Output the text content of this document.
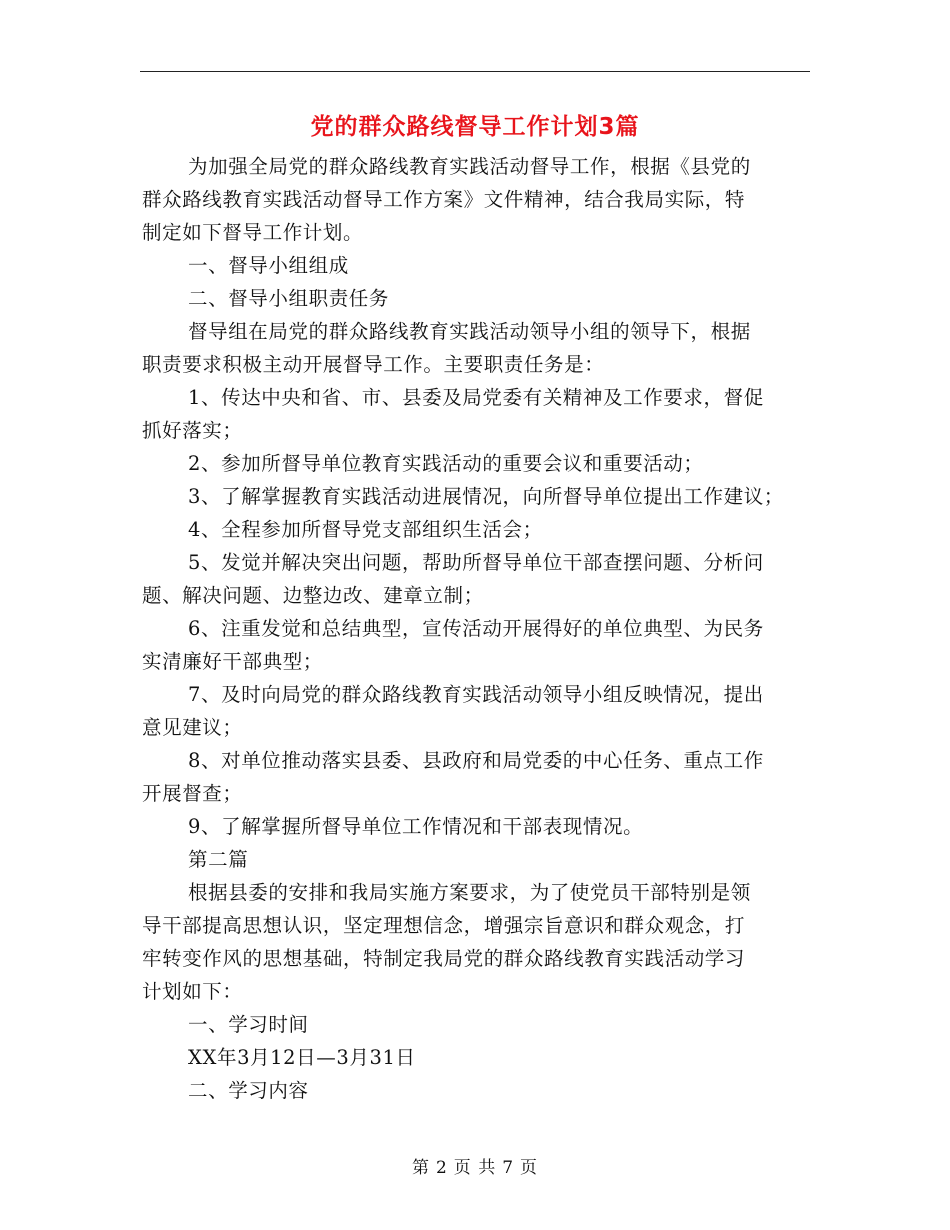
党的群众路线督导工作计划3篇
为加强全局党的群众路线教育实践活动督导工作，根据《县党的
群众路线教育实践活动督导工作方案》文件精神，结合我局实际，特
制定如下督导工作计划。
一、督导小组组成
二、督导小组职责任务
督导组在局党的群众路线教育实践活动领导小组的领导下，根据
职责要求积极主动开展督导工作。主要职责任务是：
1、传达中央和省、市、县委及局党委有关精神及工作要求，督促
抓好落实；
2、参加所督导单位教育实践活动的重要会议和重要活动；
3、了解掌握教育实践活动进展情况，向所督导单位提出工作建议；
4、全程参加所督导党支部组织生活会；
5、发觉并解决突出问题，帮助所督导单位干部查摆问题、分析问
题、解决问题、边整边改、建章立制；
6、注重发觉和总结典型，宣传活动开展得好的单位典型、为民务
实清廉好干部典型；
7、及时向局党的群众路线教育实践活动领导小组反映情况，提出
意见建议；
8、对单位推动落实县委、县政府和局党委的中心任务、重点工作
开展督查；
9、了解掌握所督导单位工作情况和干部表现情况。
第二篇
根据县委的安排和我局实施方案要求，为了使党员干部特别是领
导干部提高思想认识，坚定理想信念，增强宗旨意识和群众观念，打
牢转变作风的思想基础，特制定我局党的群众路线教育实践活动学习
计划如下：
一、学习时间
XX年3月12日—3月31日
二、学习内容
第 2 页 共 7 页
